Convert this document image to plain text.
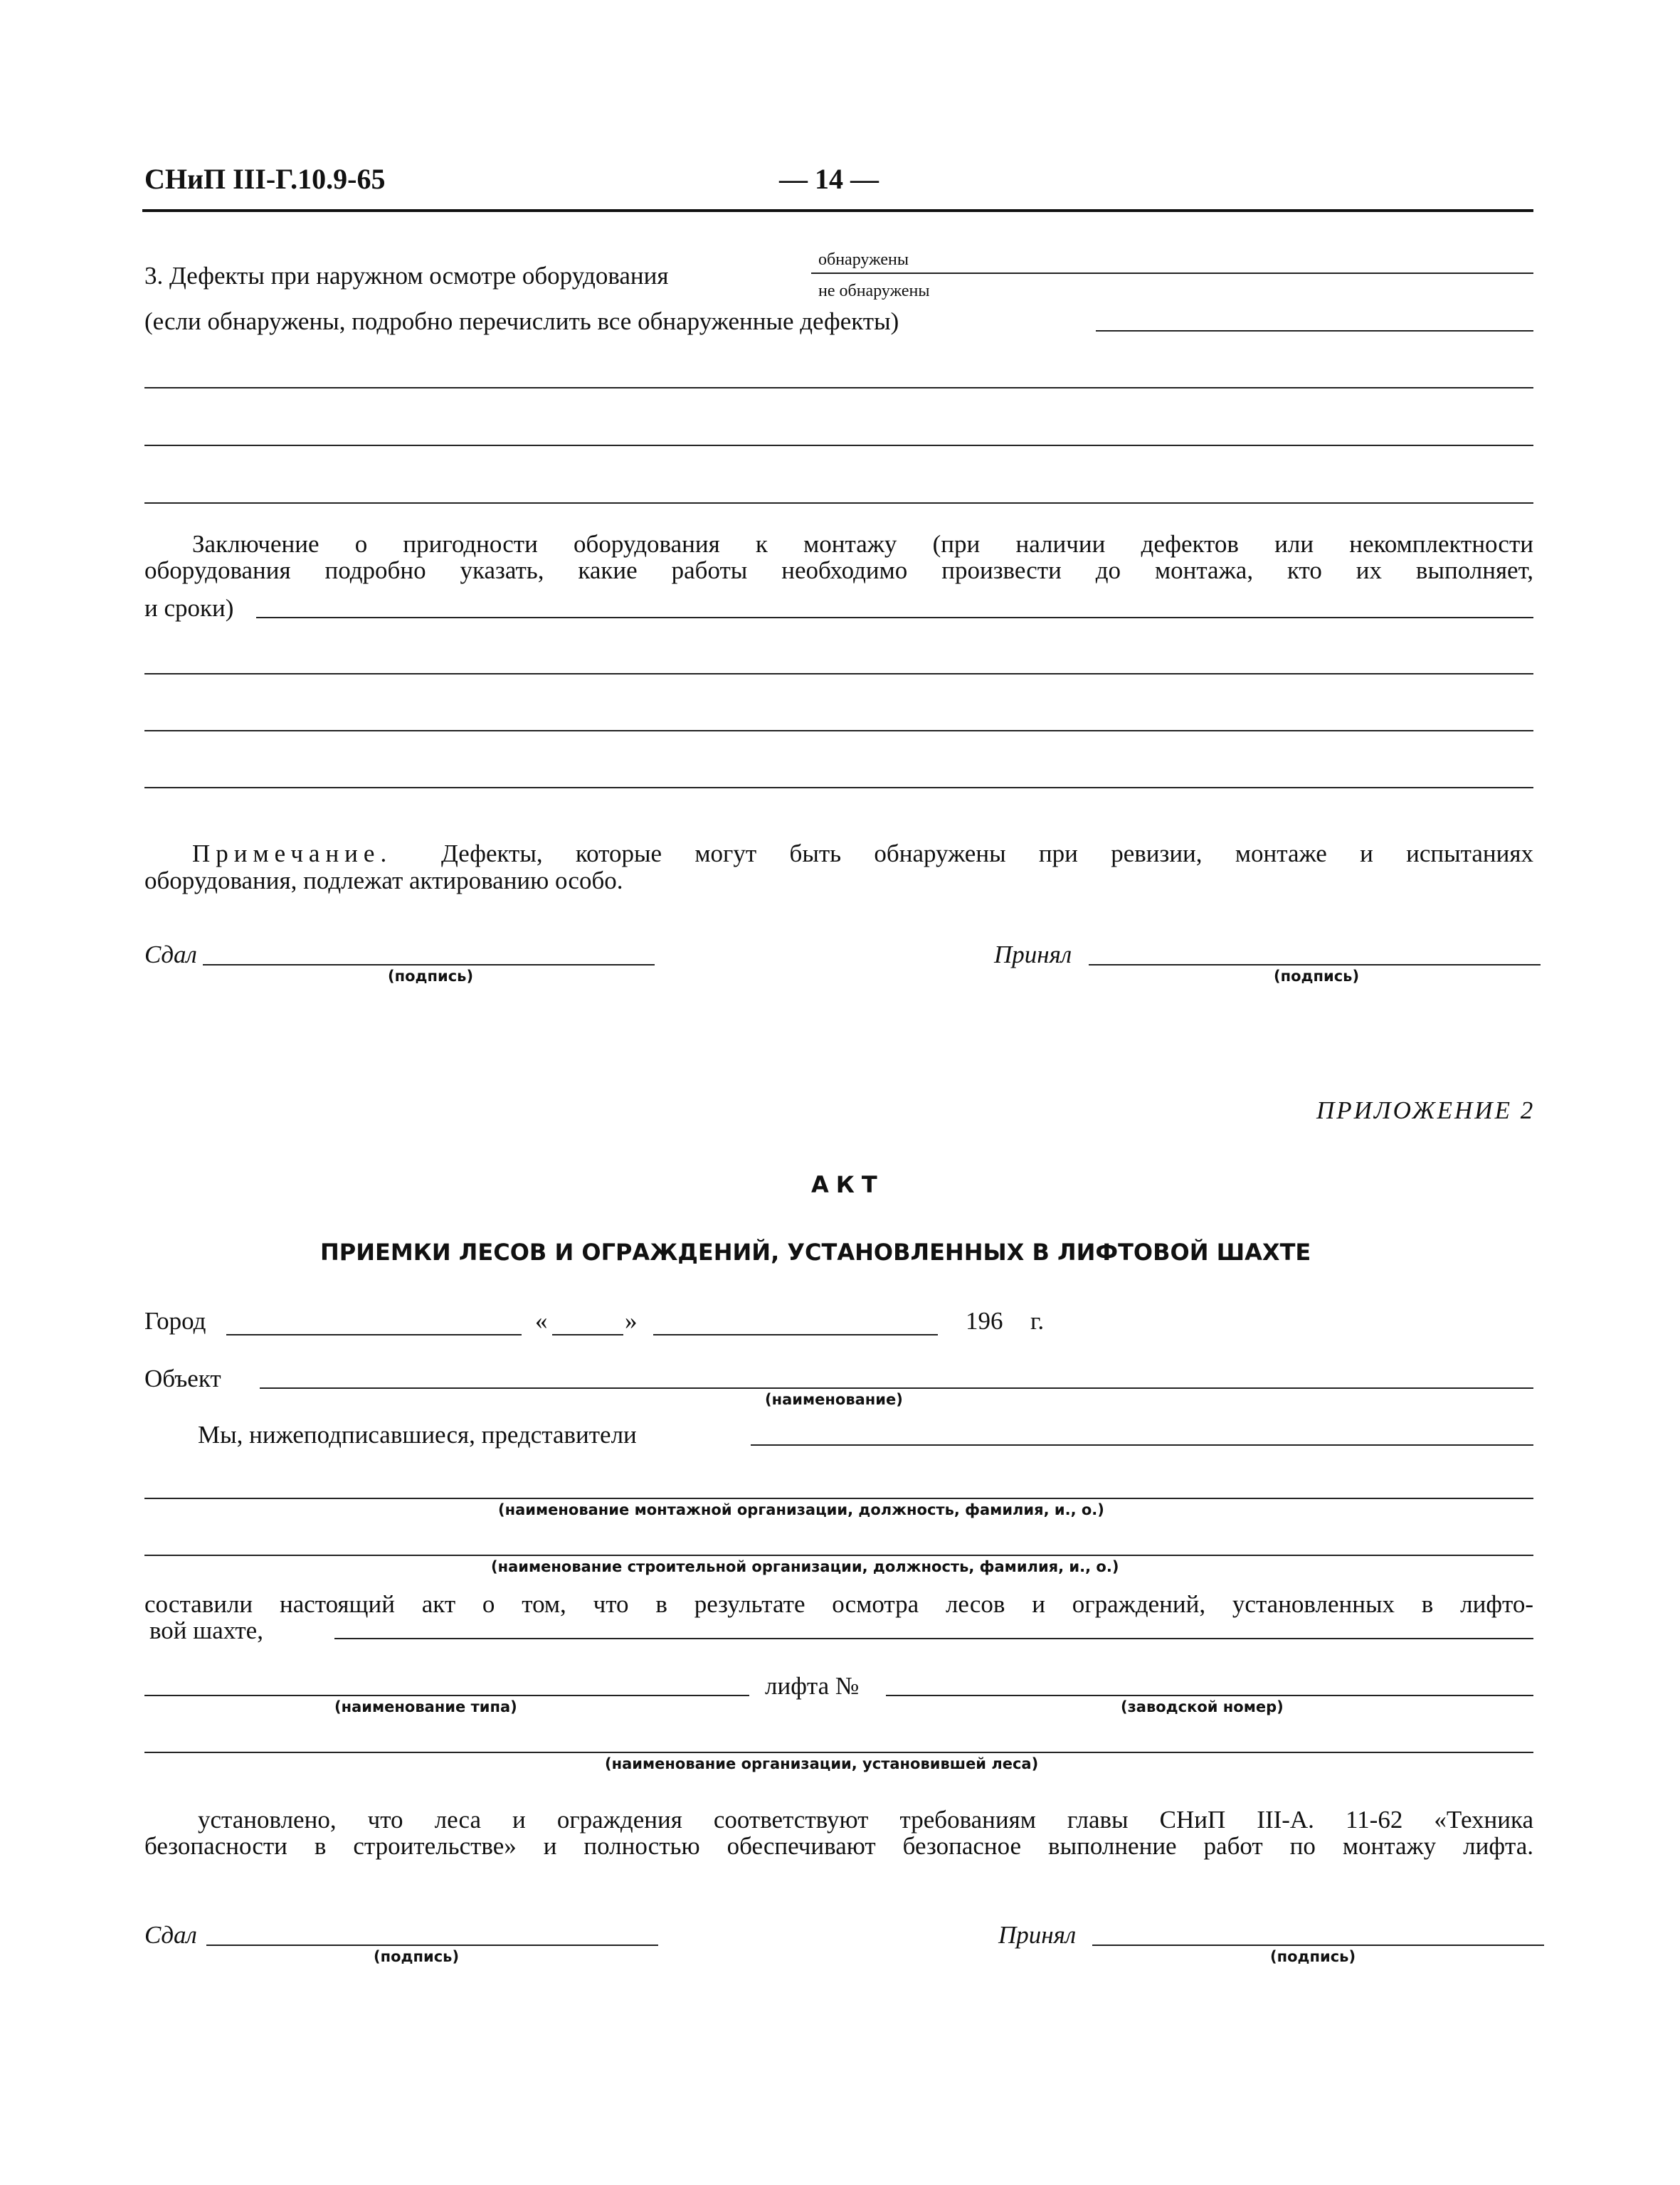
СНиП III-Г.10.9-65	— 14 —
3. Дефекты при наружном осмотре оборудования
обнаружены
не обнаружены
(если обнаружены, подробно перечислить все обнаруженные дефекты)
Заключение о пригодности оборудования к монтажу (при наличии дефектов или некомплектности
оборудования подробно указать, какие работы необходимо произвести до монтажа, кто их выполняет,
и сроки)
Примечание. Дефекты, которые могут быть обнаружены при ревизии, монтаже и испытаниях
оборудования, подлежат актированию особо.
Сдал
(подпись)
Принял
(подпись)
ПРИЛОЖЕНИЕ 2
АКТ
ПРИЕМКИ ЛЕСОВ И ОГРАЖДЕНИЙ, УСТАНОВЛЕННЫХ В ЛИФТОВОЙ ШАХТЕ
Город	«	»	196 г.
Объект
(наименование)
Мы, нижеподписавшиеся, представители
(наименование монтажной организации, должность, фамилия, и., о.)
(наименование строительной организации, должность, фамилия, и., о.)
составили настоящий акт о том, что в результате осмотра лесов и ограждений, установленных в лифто-
вой шахте,
(наименование типа)
лифта №
(заводской номер)
(наименование организации, установившей леса)
установлено, что леса и ограждения соответствуют требованиям главы СНиП III-А. 11-62 «Техника
безопасности в строительстве» и полностью обеспечивают безопасное выполнение работ по монтажу лифта.
Сдал
(подпись)
Принял
(подпись)
